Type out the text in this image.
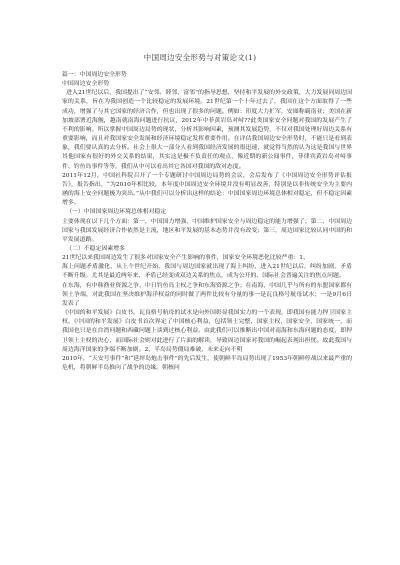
中国周边安全形势与对策论文(1)

篇一：中国周边安全形势

中国周边安全形势

进入21世纪以后，我国提出了“安邻、睦邻、富邻”的指导思想，坚持和平发展的外交政策，大力发展同周边国家的关系，旨在为我国创造一个比较稳定的发展环境。21世纪第一个十年过去了，我国在这个方面取得了一些成功，增强了与其它国家的经济合作，但也出现了很多的问题。例如：印度大力扩军，安图称霸南亚；美国在新加坡部署近海舰，越南就南海问题进行抗议，2012年中菲黄岩岛对峙??此类国家安全问题对我国的发展产生了不利的影响。所以掌握中国周边局势的现状，分析其影响因素，预测其发展趋势，不仅对我国处理好周边关系有重要影响，而且对我国家安全发展和经济环境稳定发挥重要作用。在评估我国周边安全形势时，不能只是看到表象，我们要认真的去分析。社会上很大一部分人看到我国经济发展的很迅速，就觉得当然的认为这是我国与世界其他国家有很好的外交关系的结果，其实这是极不负责任的观点，像近期的新公闻事件，菲律宾黄岩岛对峙事件、钓鱼岛事件等等，我们从中可以看出其它各国对我国的敌对态度。

2011年12月，中国社科院召开了一个专题研讨中国周边局势的会议，会后发布了《中国周边安全形势评估报告》，报告指出，“为2010年相比较，本年度中国周边安全环境并没有明显改善，特别是以非传统安全为主要内涵的海上安全问题极为突出。”从中我们可以分析出这样的结论：中国国家周边环境总体相对稳定，但不稳定因素增多。

（一）中国国家周边环境总体相对稳定

主要体现在以下几个方面：第一，中国国力增强，中国维护国家安全与周边稳定的能力增强了；第二，中国周边国家与我国发展经济合作依然是主流，地区和平发展的基本态势并没有改变；第三，周边国家比较认同中国的和平发展道路。

（二）不稳定因素增多

21世纪以来我国周边发生了很多对国家安全产生影响的事件，国家安全环境恶化比较严重：1、

海上问题矛盾激化，从上个世纪开始，我国与周边国家就出现了海上纠纷，进入21世纪以后，纠纷加剧，矛盾不断升级。尤其是最近两年来，矛盾已经变成双边关系的焦点，成为公开的、国际社会普遍关注的焦点问题。

在东海，有中韩渔业资源之争、中日钓鱼岛主权之争和东海资源之争；在南海，中国几乎与所有的东盟国家都有领土争端，对此我国在坚决维护海洋权益的同时做了两件比较有分量的事一是瓦良格号航母试水；一是9月6日发表了

《中国的和平发展》白皮书。瓦良格号航母的试水是向外国彰显我国实力的一个表现，即我国有能力捍卫国家主权。《中国的和平发展》白皮书首次界定了中国核心利益，包括领土完整、国家主权，国家安全，国家统一，而我国也只是在台湾问题和西藏问题上谈到过核心利益。由此我们可以推断出中国对南海和东海问题的态度，即捍卫领土主权的决心，而国际社会则对此进行了片面的解读，导致周边国家对我国的崛起表现出担忧。故此我国与周边海洋国家的争端不断加剧。2、半岛局势僵局难破，未来走向不明

2010年，“天安号事件”和“延坪岛炮击事件”的先后发生，使朝鲜半岛局势出现了1953年朝鲜停战以来最严重的危机，将朝鲜半岛推向了战争的边缘。朝核问
